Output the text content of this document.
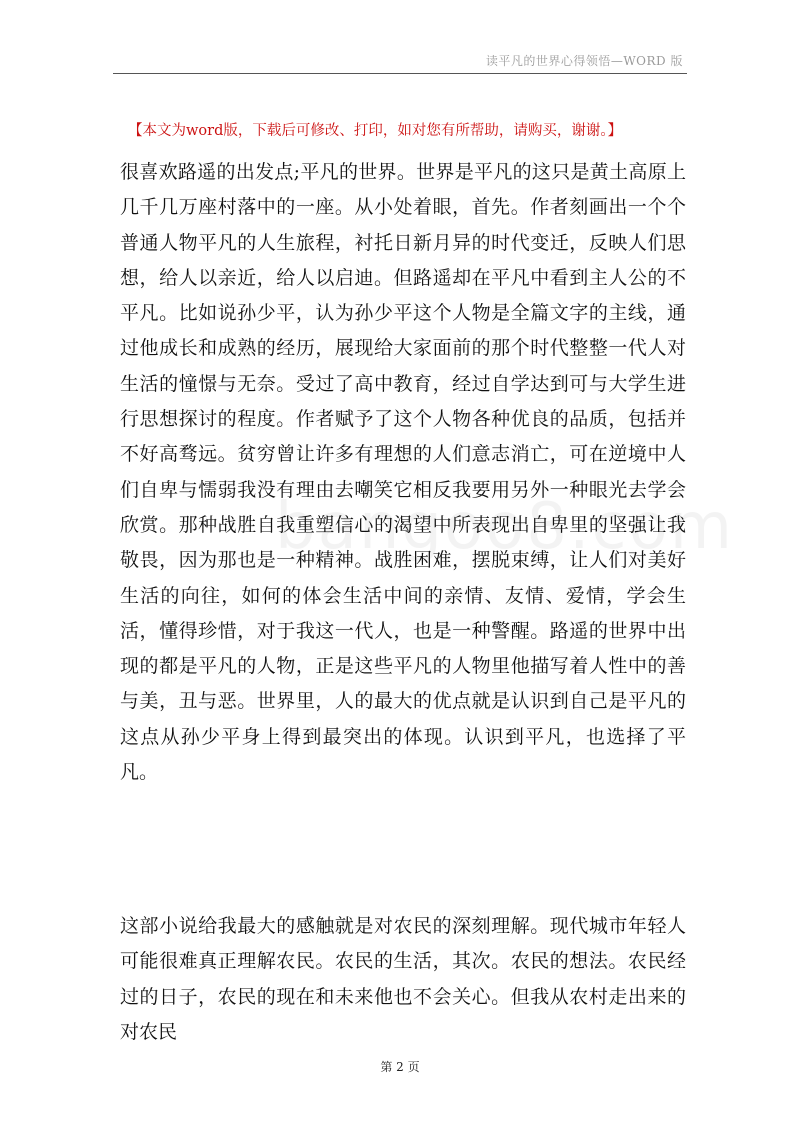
读平凡的世界心得领悟—WORD 版
【本文为word版，下载后可修改、打印，如对您有所帮助，请购买，谢谢。】

很喜欢路遥的出发点;平凡的世界。世界是平凡的这只是黄土高原上几千几万座村落中的一座。从小处着眼，首先。作者刻画出一个个普通人物平凡的人生旅程，衬托日新月异的时代变迁，反映人们思想，给人以亲近，给人以启迪。但路遥却在平凡中看到主人公的不平凡。比如说孙少平，认为孙少平这个人物是全篇文字的主线，通过他成长和成熟的经历，展现给大家面前的那个时代整整一代人对生活的憧憬与无奈。受过了高中教育，经过自学达到可与大学生进行思想探讨的程度。作者赋予了这个人物各种优良的品质，包括并不好高骛远。贫穷曾让许多有理想的人们意志消亡，可在逆境中人们自卑与懦弱我没有理由去嘲笑它相反我要用另外一种眼光去学会欣赏。那种战胜自我重塑信心的渴望中所表现出自卑里的坚强让我敬畏，因为那也是一种精神。战胜困难，摆脱束缚，让人们对美好生活的向往，如何的体会生活中间的亲情、友情、爱情，学会生活，懂得珍惜，对于我这一代人，也是一种警醒。路遥的世界中出现的都是平凡的人物，正是这些平凡的人物里他描写着人性中的善与美，丑与恶。世界里，人的最大的优点就是认识到自己是平凡的这点从孙少平身上得到最突出的体现。认识到平凡，也选择了平凡。

这部小说给我最大的感触就是对农民的深刻理解。现代城市年轻人可能很难真正理解农民。农民的生活，其次。农民的想法。农民经过的日子，农民的现在和未来他也不会关心。但我从农村走出来的对农民

第 2 页
